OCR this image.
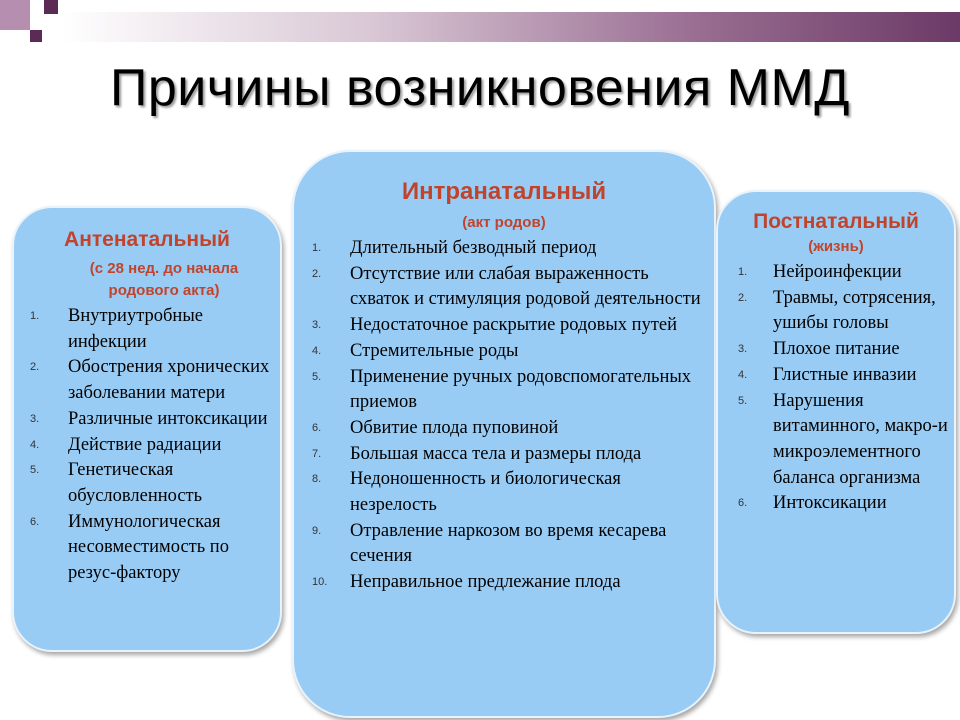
Причины возникновения ММД
Антенатальный
(с 28 нед. до начала родового акта)
1. Внутриутробные инфекции
2. Обострения хронических заболевании матери
3. Различные интоксикации
4. Действие радиации
5. Генетическая обусловленность
6. Иммунологическая несовместимость по резус-фактору
Интранатальный
(акт родов)
1. Длительный безводный период
2. Отсутствие или слабая выраженность схваток и стимуляция родовой деятельности
3. Недостаточное раскрытие родовых путей
4. Стремительные роды
5. Применение ручных родовспомогательных приемов
6. Обвитие плода пуповиной
7. Большая масса тела и размеры плода
8. Недоношенность и биологическая незрелость
9. Отравление наркозом во время кесарева сечения
10. Неправильное предлежание плода
Постнатальный
(жизнь)
1. Нейроинфекции
2. Травмы, сотрясения, ушибы головы
3. Плохое питание
4. Глистные инвазии
5. Нарушения витаминного, макро-и микроэлементного баланса организма
6. Интоксикации
